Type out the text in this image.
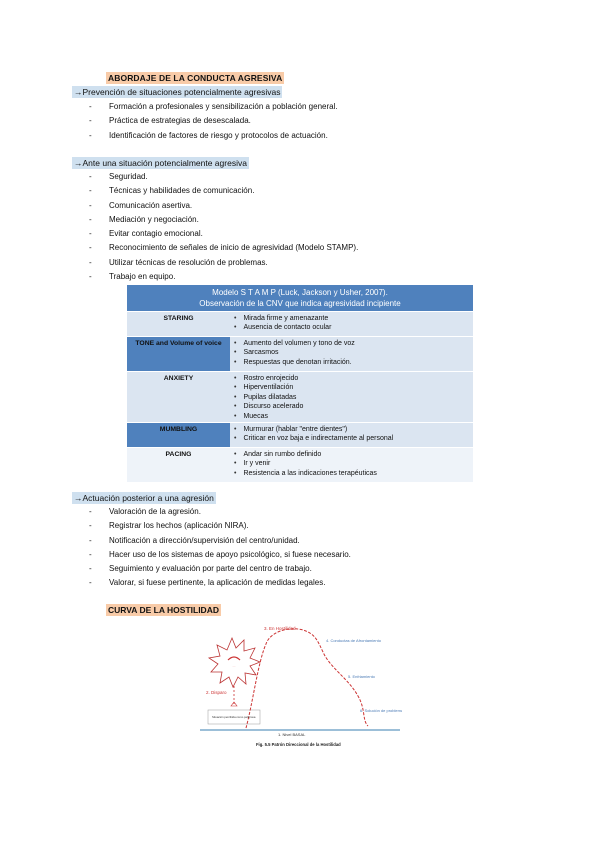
ABORDAJE DE LA CONDUCTA AGRESIVA
→Prevención de situaciones potencialmente agresivas
- Formación a profesionales y sensibilización a población general.
- Práctica de estrategias de desescalada.
- Identificación de factores de riesgo y protocolos de actuación.
→Ante una situación potencialmente agresiva
- Seguridad.
- Técnicas y habilidades de comunicación.
- Comunicación asertiva.
- Mediación y negociación.
- Evitar contagio emocional.
- Reconocimiento de señales de inicio de agresividad (Modelo STAMP).
- Utilizar técnicas de resolución de problemas.
- Trabajo en equipo.
Modelo S T A M P (Luck, Jackson y Usher, 2007).
Observación de la CNV que indica agresividad incipiente
STARING	• Mirada firme y amenazante
• Ausencia de contacto ocular
TONE and Volume of voice	• Aumento del volumen y tono de voz
• Sarcasmos
• Respuestas que denotan irritación.
ANXIETY	• Rostro enrojecido
• Hiperventilación
• Pupilas dilatadas
• Discurso acelerado
• Muecas
MUMBLING	• Murmurar (hablar "entre dientes")
• Criticar en voz baja e indirectamente al personal
PACING	• Andar sin rumbo definido
• Ir y venir
• Resistencia a las indicaciones terapéuticas
→Actuación posterior a una agresión
- Valoración de la agresión.
- Registrar los hechos (aplicación NIRA).
- Notificación a dirección/supervisión del centro/unidad.
- Hacer uso de los sistemas de apoyo psicológico, si fuese necesario.
- Seguimiento y evaluación por parte del centro de trabajo.
- Valorar, si fuese pertinente, la aplicación de medidas legales.
CURVA DE LA HOSTILIDAD
···
3. En Hostilidad
4. Conductas de Afrontamiento
5. Enfriamiento
6. Solución de problemas
2. Disparo
Situación percibida como peligrosa
1. Nivel BASAL
Fig. 5.5 Patrón Direccional de la Hostilidad
